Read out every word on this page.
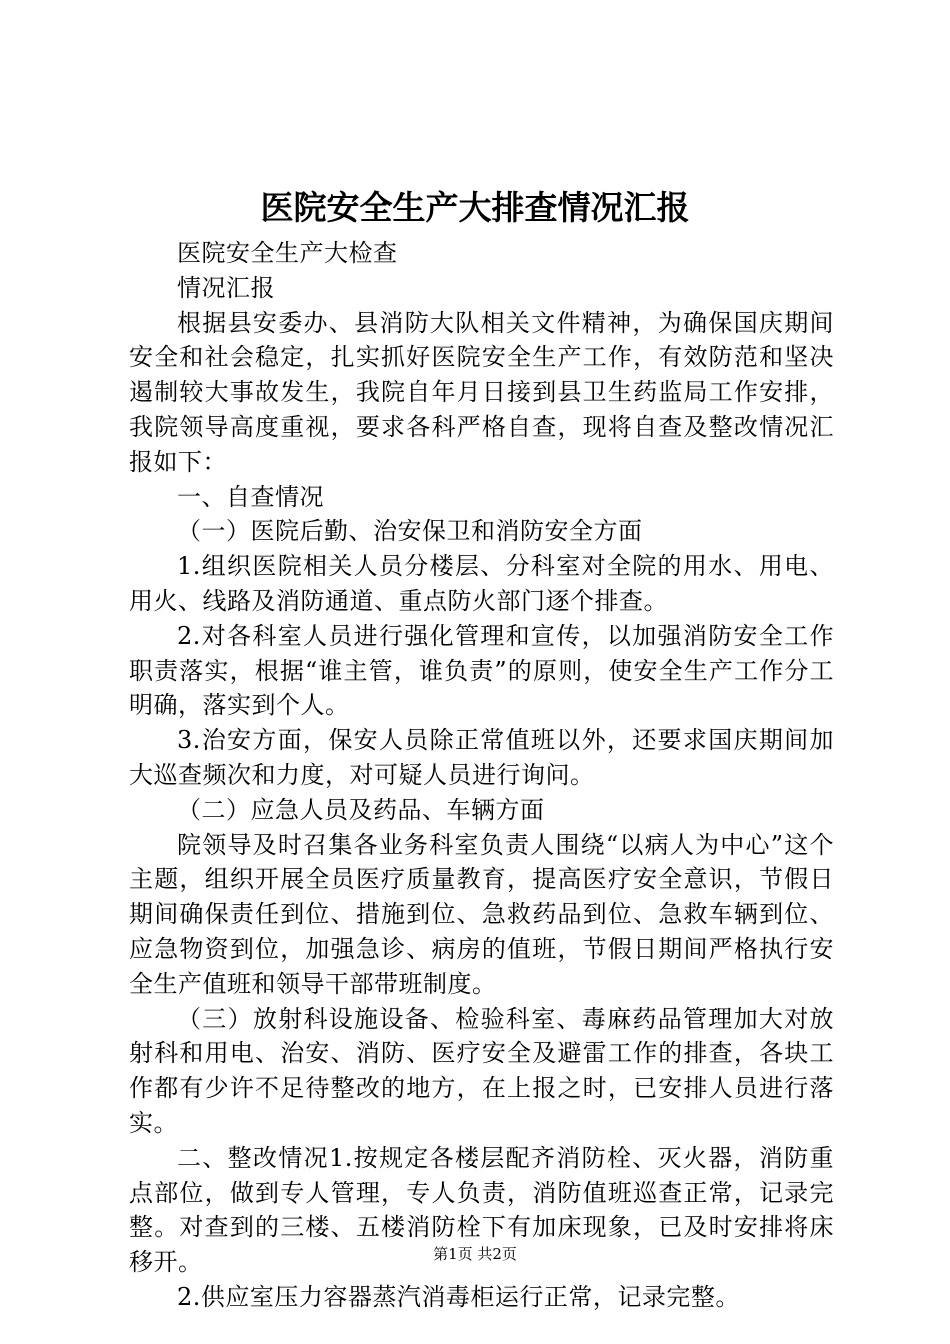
医院安全生产大排查情况汇报

医院安全生产大检查

情况汇报

根据县安委办、县消防大队相关文件精神，为确保国庆期间安全和社会稳定，扎实抓好医院安全生产工作，有效防范和坚决遏制较大事故发生，我院自年月日接到县卫生药监局工作安排，我院领导高度重视，要求各科严格自查，现将自查及整改情况汇报如下：

一、自查情况

（一）医院后勤、治安保卫和消防安全方面

1.组织医院相关人员分楼层、分科室对全院的用水、用电、用火、线路及消防通道、重点防火部门逐个排查。

2.对各科室人员进行强化管理和宣传，以加强消防安全工作职责落实，根据“谁主管，谁负责”的原则，使安全生产工作分工明确，落实到个人。

3.治安方面，保安人员除正常值班以外，还要求国庆期间加大巡查频次和力度，对可疑人员进行询问。

（二）应急人员及药品、车辆方面

院领导及时召集各业务科室负责人围绕“以病人为中心”这个主题，组织开展全员医疗质量教育，提高医疗安全意识，节假日期间确保责任到位、措施到位、急救药品到位、急救车辆到位、应急物资到位，加强急诊、病房的值班，节假日期间严格执行安全生产值班和领导干部带班制度。

（三）放射科设施设备、检验科室、毒麻药品管理加大对放射科和用电、治安、消防、医疗安全及避雷工作的排查，各块工作都有少许不足待整改的地方，在上报之时，已安排人员进行落实。

二、整改情况1.按规定各楼层配齐消防栓、灭火器，消防重点部位，做到专人管理，专人负责，消防值班巡查正常，记录完整。对查到的三楼、五楼消防栓下有加床现象，已及时安排将床移开。

2.供应室压力容器蒸汽消毒柜运行正常，记录完整。

第1页 共2页
